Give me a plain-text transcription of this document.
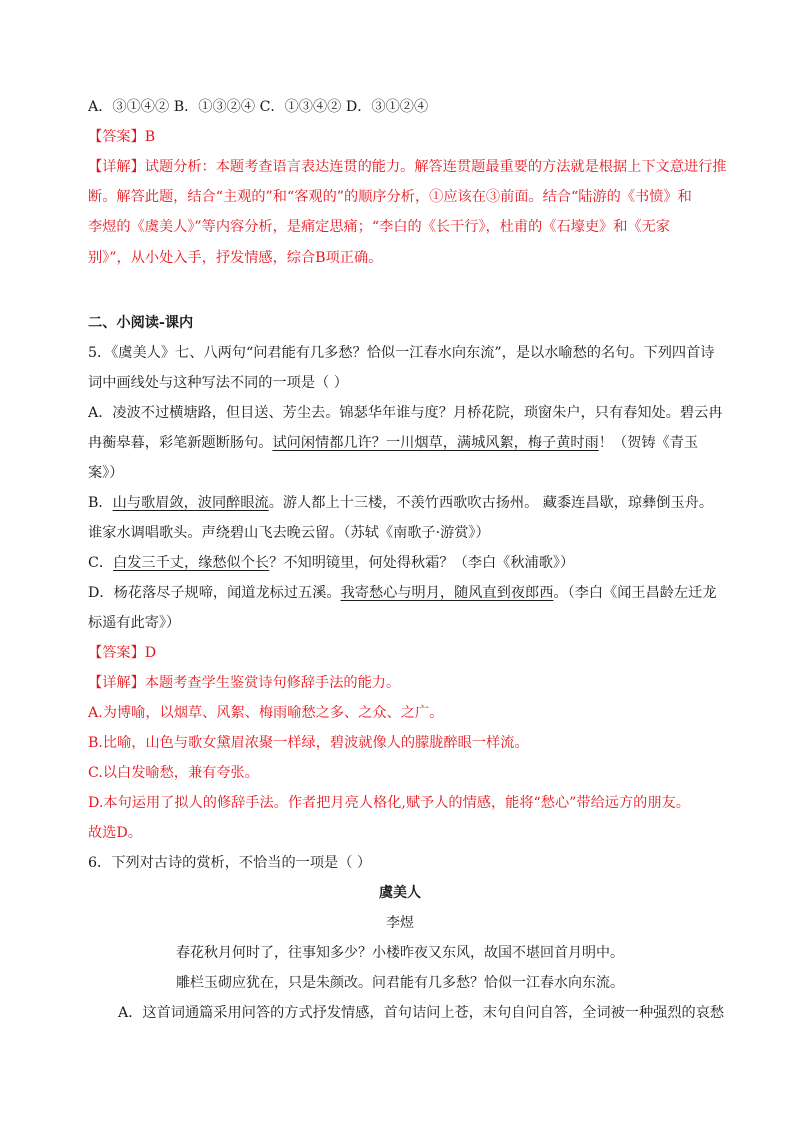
A．③①④② B．①③②④ C．①③④② D．③①②④
【答案】B
【详解】试题分析：本题考查语言表达连贯的能力。解答连贯题最重要的方法就是根据上下文意进行推
断。解答此题，结合“主观的”和“客观的”的顺序分析，①应该在③前面。结合“陆游的《书愤》和
李煜的《虞美人》”等内容分析，是痛定思痛；“李白的《长干行》，杜甫的《石壕吏》和《无家
别》”，从小处入手，抒发情感，综合B项正确。
二、小阅读-课内
5．《虞美人》七、八两句“问君能有几多愁？恰似一江春水向东流”，是以水喻愁的名句。下列四首诗
词中画线处与这种写法不同的一项是（ ）
A．凌波不过横塘路，但目送、芳尘去。锦瑟华年谁与度？月桥花院，琐窗朱户，只有春知处。碧云冉
冉蘅皋暮，彩笔新题断肠句。试问闲情都几许？一川烟草，满城风絮，梅子黄时雨！（贺铸《青玉
案》）
B．山与歌眉敛，波同醉眼流。游人都上十三楼，不羡竹西歌吹古扬州。 藏黍连昌歇，琼彝倒玉舟。
谁家水调唱歌头。声绕碧山飞去晚云留。（苏轼《南歌子·游赏》）
C．白发三千丈，缘愁似个长？不知明镜里，何处得秋霜？（李白《秋浦歌》）
D．杨花落尽子规啼，闻道龙标过五溪。我寄愁心与明月，随风直到夜郎西。（李白《闻王昌龄左迁龙
标遥有此寄》）
【答案】D
【详解】本题考查学生鉴赏诗句修辞手法的能力。
A.为博喻，以烟草、风絮、梅雨喻愁之多、之众、之广。
B.比喻，山色与歌女黛眉浓聚一样绿，碧波就像人的朦胧醉眼一样流。
C.以白发喻愁，兼有夸张。
D.本句运用了拟人的修辞手法。作者把月亮人格化,赋予人的情感，能将“愁心”带给远方的朋友。
故选D。
6．下列对古诗的赏析，不恰当的一项是（ ）
虞美人
李煜
春花秋月何时了，往事知多少？小楼昨夜又东风，故国不堪回首月明中。
雕栏玉砌应犹在，只是朱颜改。问君能有几多愁？恰似一江春水向东流。
A．这首词通篇采用问答的方式抒发情感，首句诘问上苍，末句自问自答，全词被一种强烈的哀愁
